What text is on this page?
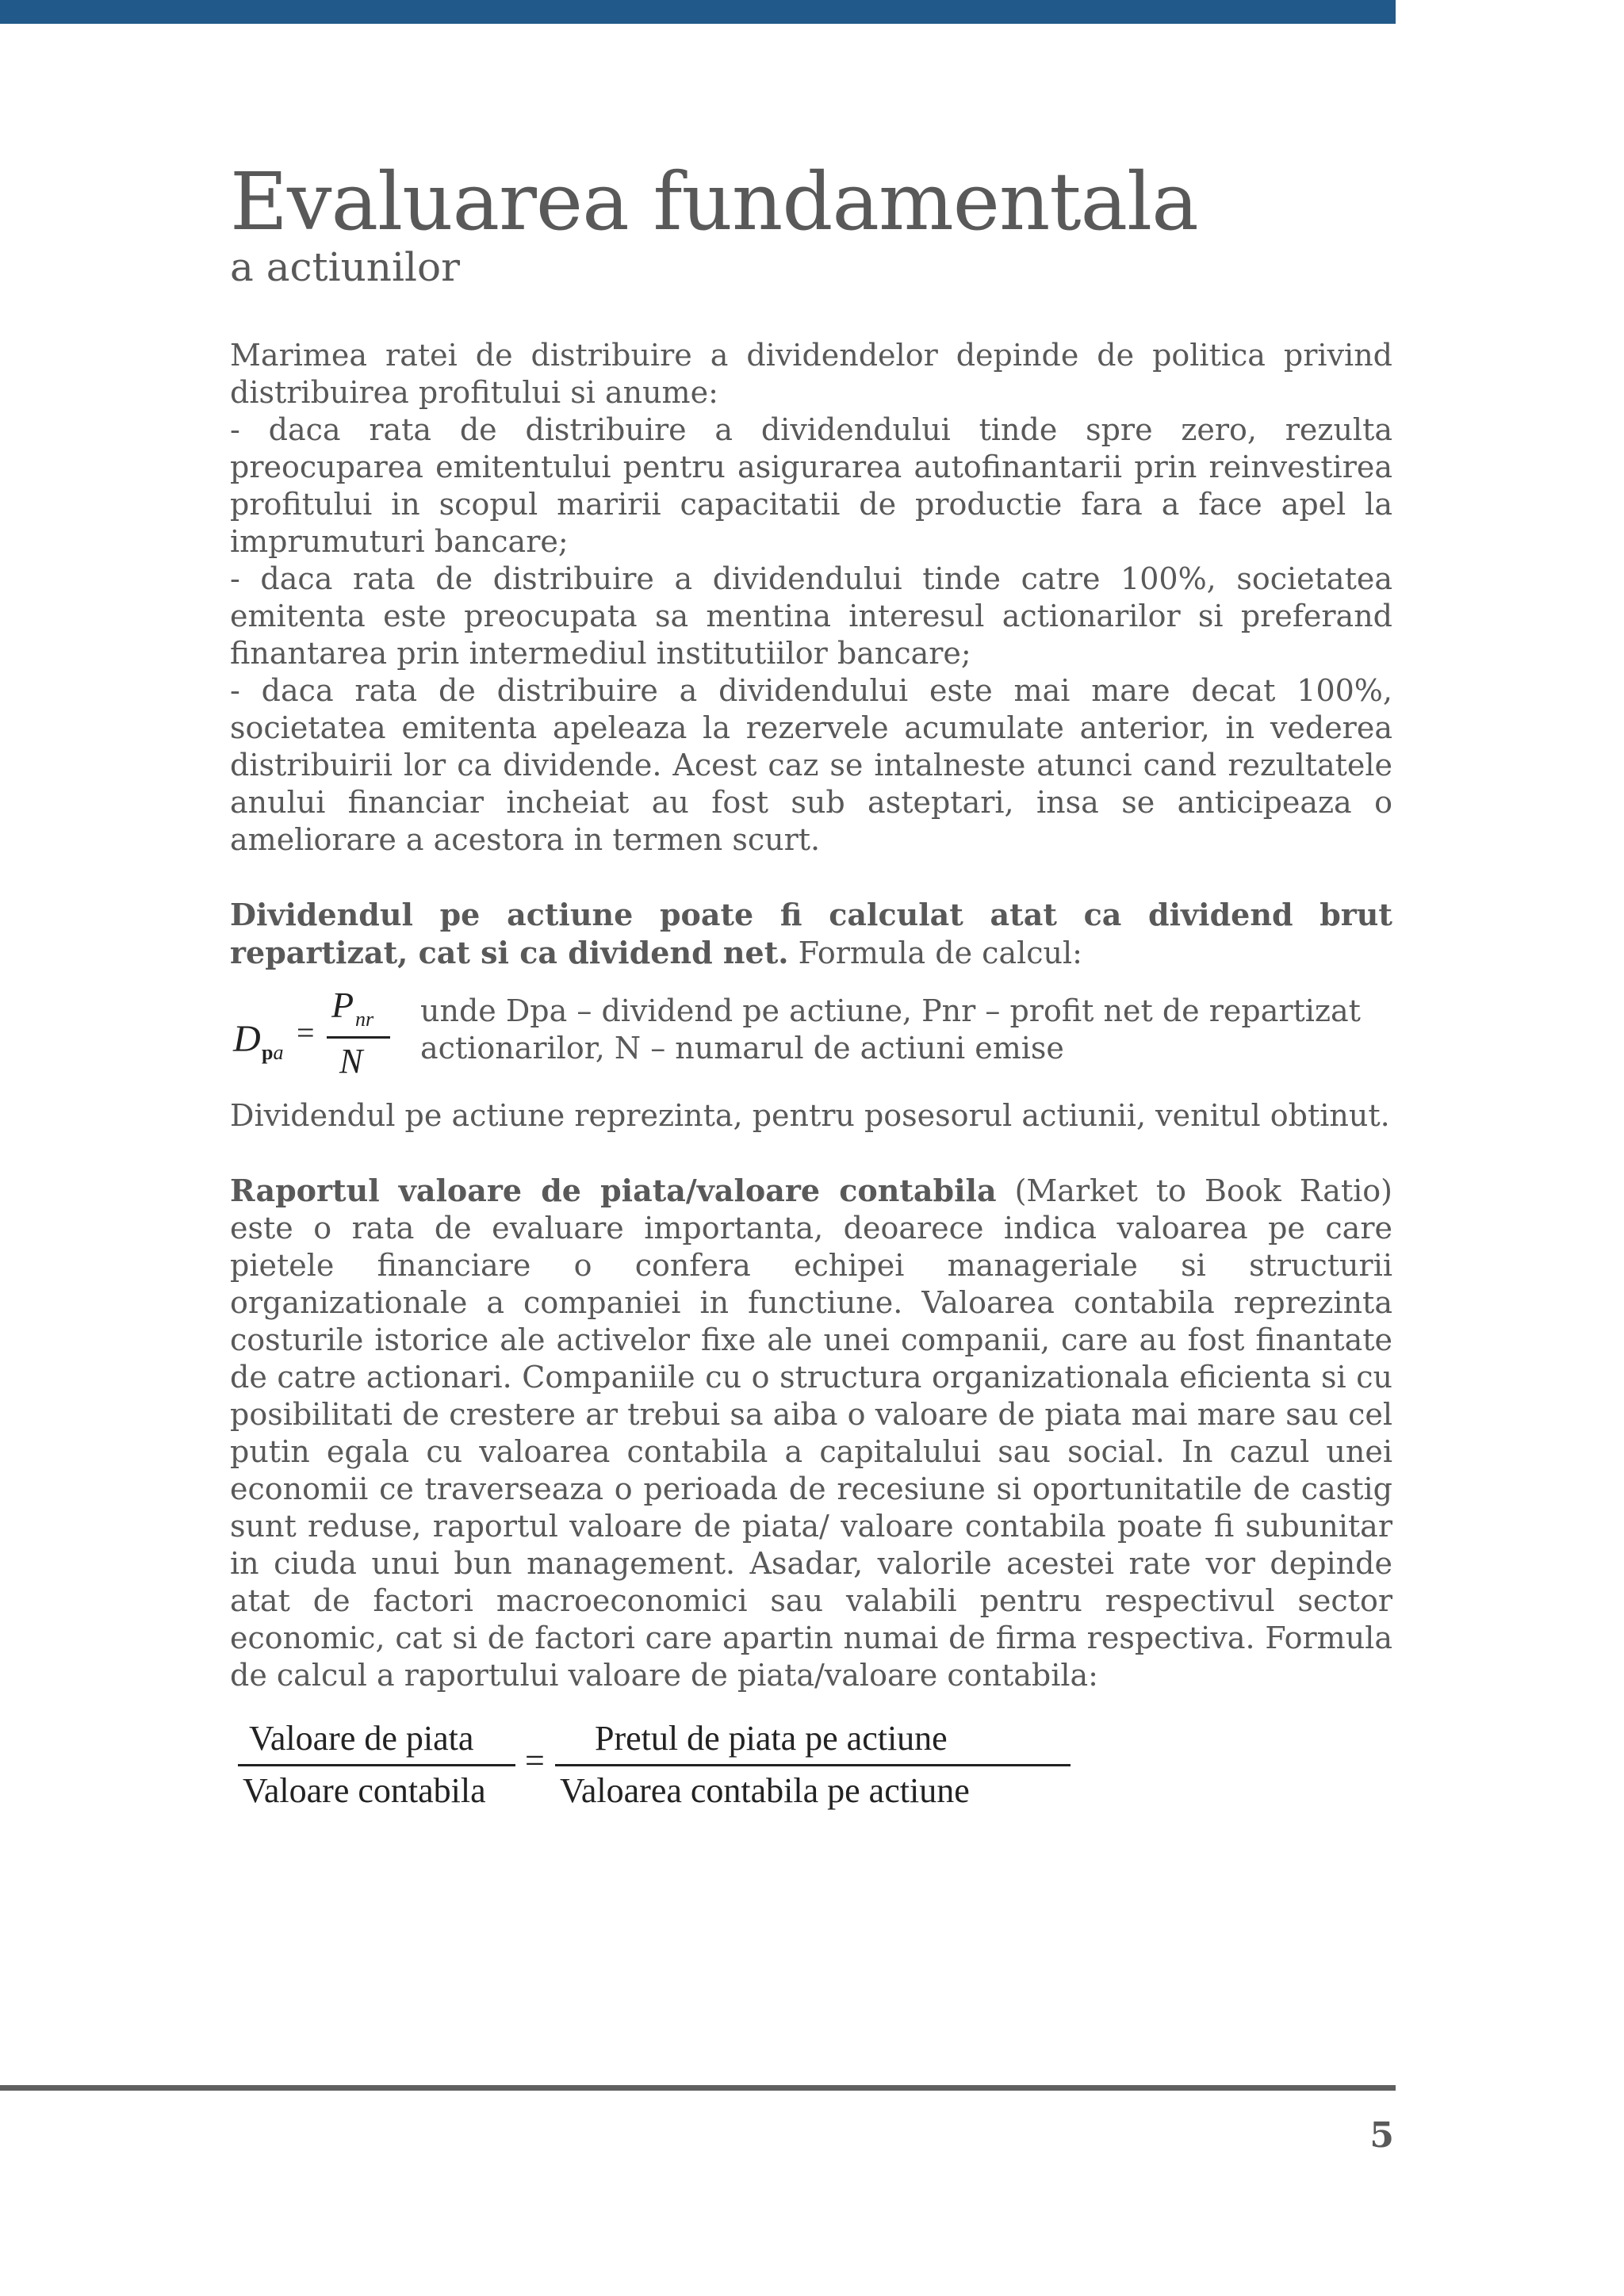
Evaluarea fundamentala
a actiunilor

Marimea ratei de distribuire a dividendelor depinde de politica privind distribuirea profitului si anume:

- daca rata de distribuire a dividendului tinde spre zero, rezulta preocuparea emitentului pentru asigurarea autofinantarii prin reinvestirea profitului in scopul maririi capacitatii de productie fara a face apel la imprumuturi bancare;

- daca rata de distribuire a dividendului tinde catre 100%, societatea emitenta este preocupata sa mentina interesul actionarilor si preferand finantarea prin intermediul institutiilor bancare;

- daca rata de distribuire a dividendului este mai mare decat 100%, societatea emitenta apeleaza la rezervele acumulate anterior, in vederea distribuirii lor ca dividende. Acest caz se intalneste atunci cand rezultatele anului financiar incheiat au fost sub asteptari, insa se anticipeaza o ameliorare a acestora in termen scurt.

Dividendul pe actiune poate fi calculat atat ca dividend brut repartizat, cat si ca dividend net. Formula de calcul:

D pa
=
P nr
N
unde Dpa – dividend pe actiune, Pnr – profit net de repartizat
actionarilor, N – numarul de actiuni emise

Dividendul pe actiune reprezinta, pentru posesorul actiunii, venitul obtinut.

Raportul valoare de piata/valoare contabila (Market to Book Ratio) este o rata de evaluare importanta, deoarece indica valoarea pe care pietele financiare o confera echipei manageriale si structurii organizationale a companiei in functiune. Valoarea contabila reprezinta costurile istorice ale activelor fixe ale unei companii, care au fost finantate de catre actionari. Companiile cu o structura organizationala eficienta si cu posibilitati de crestere ar trebui sa aiba o valoare de piata mai mare sau cel putin egala cu valoarea contabila a capitalului sau social. In cazul unei economii ce traverseaza o perioada de recesiune si oportunitatile de castig sunt reduse, raportul valoare de piata/ valoare contabila poate fi subunitar in ciuda unui bun management. Asadar, valorile acestei rate vor depinde atat de factori macroeconomici sau valabili pentru respectivul sector economic, cat si de factori care apartin numai de firma respectiva. Formula de calcul a raportului valoare de piata/valoare contabila:

Valoare de piata
Valoare contabila
=
Pretul de piata pe actiune
Valoarea contabila pe actiune
5
